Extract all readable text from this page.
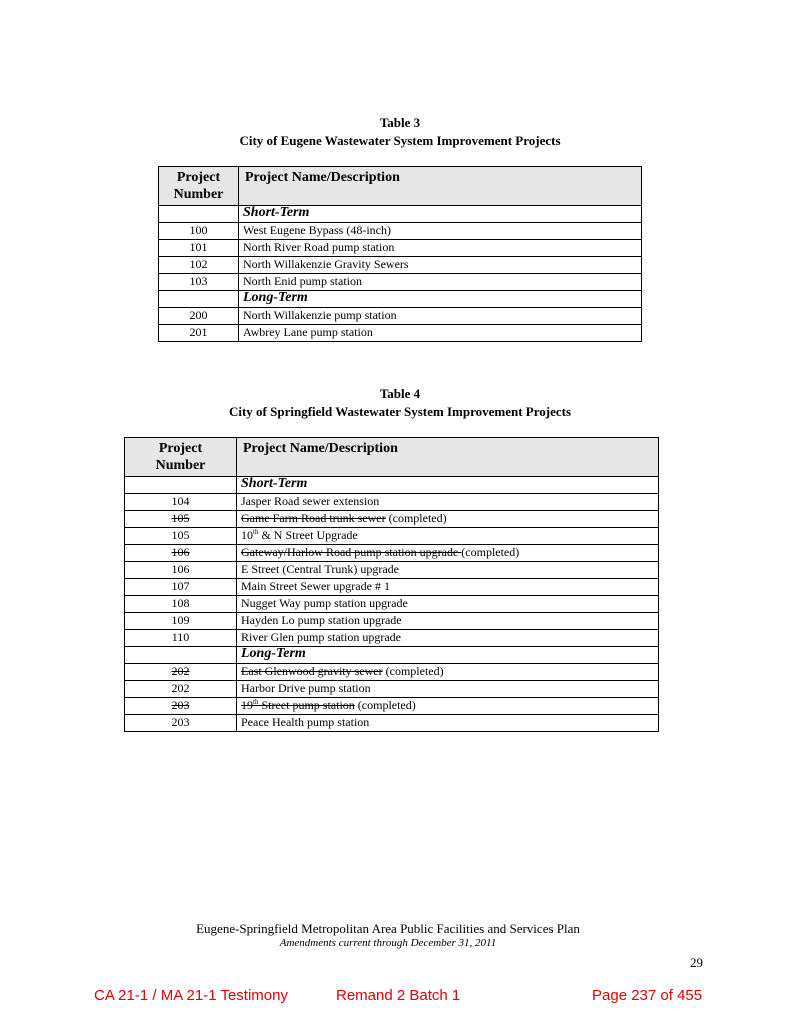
Table 3
City of Eugene Wastewater System Improvement Projects
Project
Number	Project Name/Description
	Short-Term
100	West Eugene Bypass (48-inch)
101	North River Road pump station
102	North Willakenzie Gravity Sewers
103	North Enid pump station
	Long-Term
200	North Willakenzie pump station
201	Awbrey Lane pump station
Table 4
City of Springfield Wastewater System Improvement Projects
Project
Number	Project Name/Description
	Short-Term
104	Jasper Road sewer extension
105	Game Farm Road trunk sewer (completed)
105	10th & N Street Upgrade
106	Gateway/Harlow Road pump station upgrade (completed)
106	E Street (Central Trunk) upgrade
107	Main Street Sewer upgrade # 1
108	Nugget Way pump station upgrade
109	Hayden Lo pump station upgrade
110	River Glen pump station upgrade
	Long-Term
202	East Glenwood gravity sewer (completed)
202	Harbor Drive pump station
203	19th Street pump station (completed)
203	Peace Health pump station
Eugene-Springfield Metropolitan Area Public Facilities and Services Plan
Amendments current through December 31, 2011
29
CA 21-1 / MA 21-1 Testimony	Remand 2 Batch 1	Page 237 of 455
